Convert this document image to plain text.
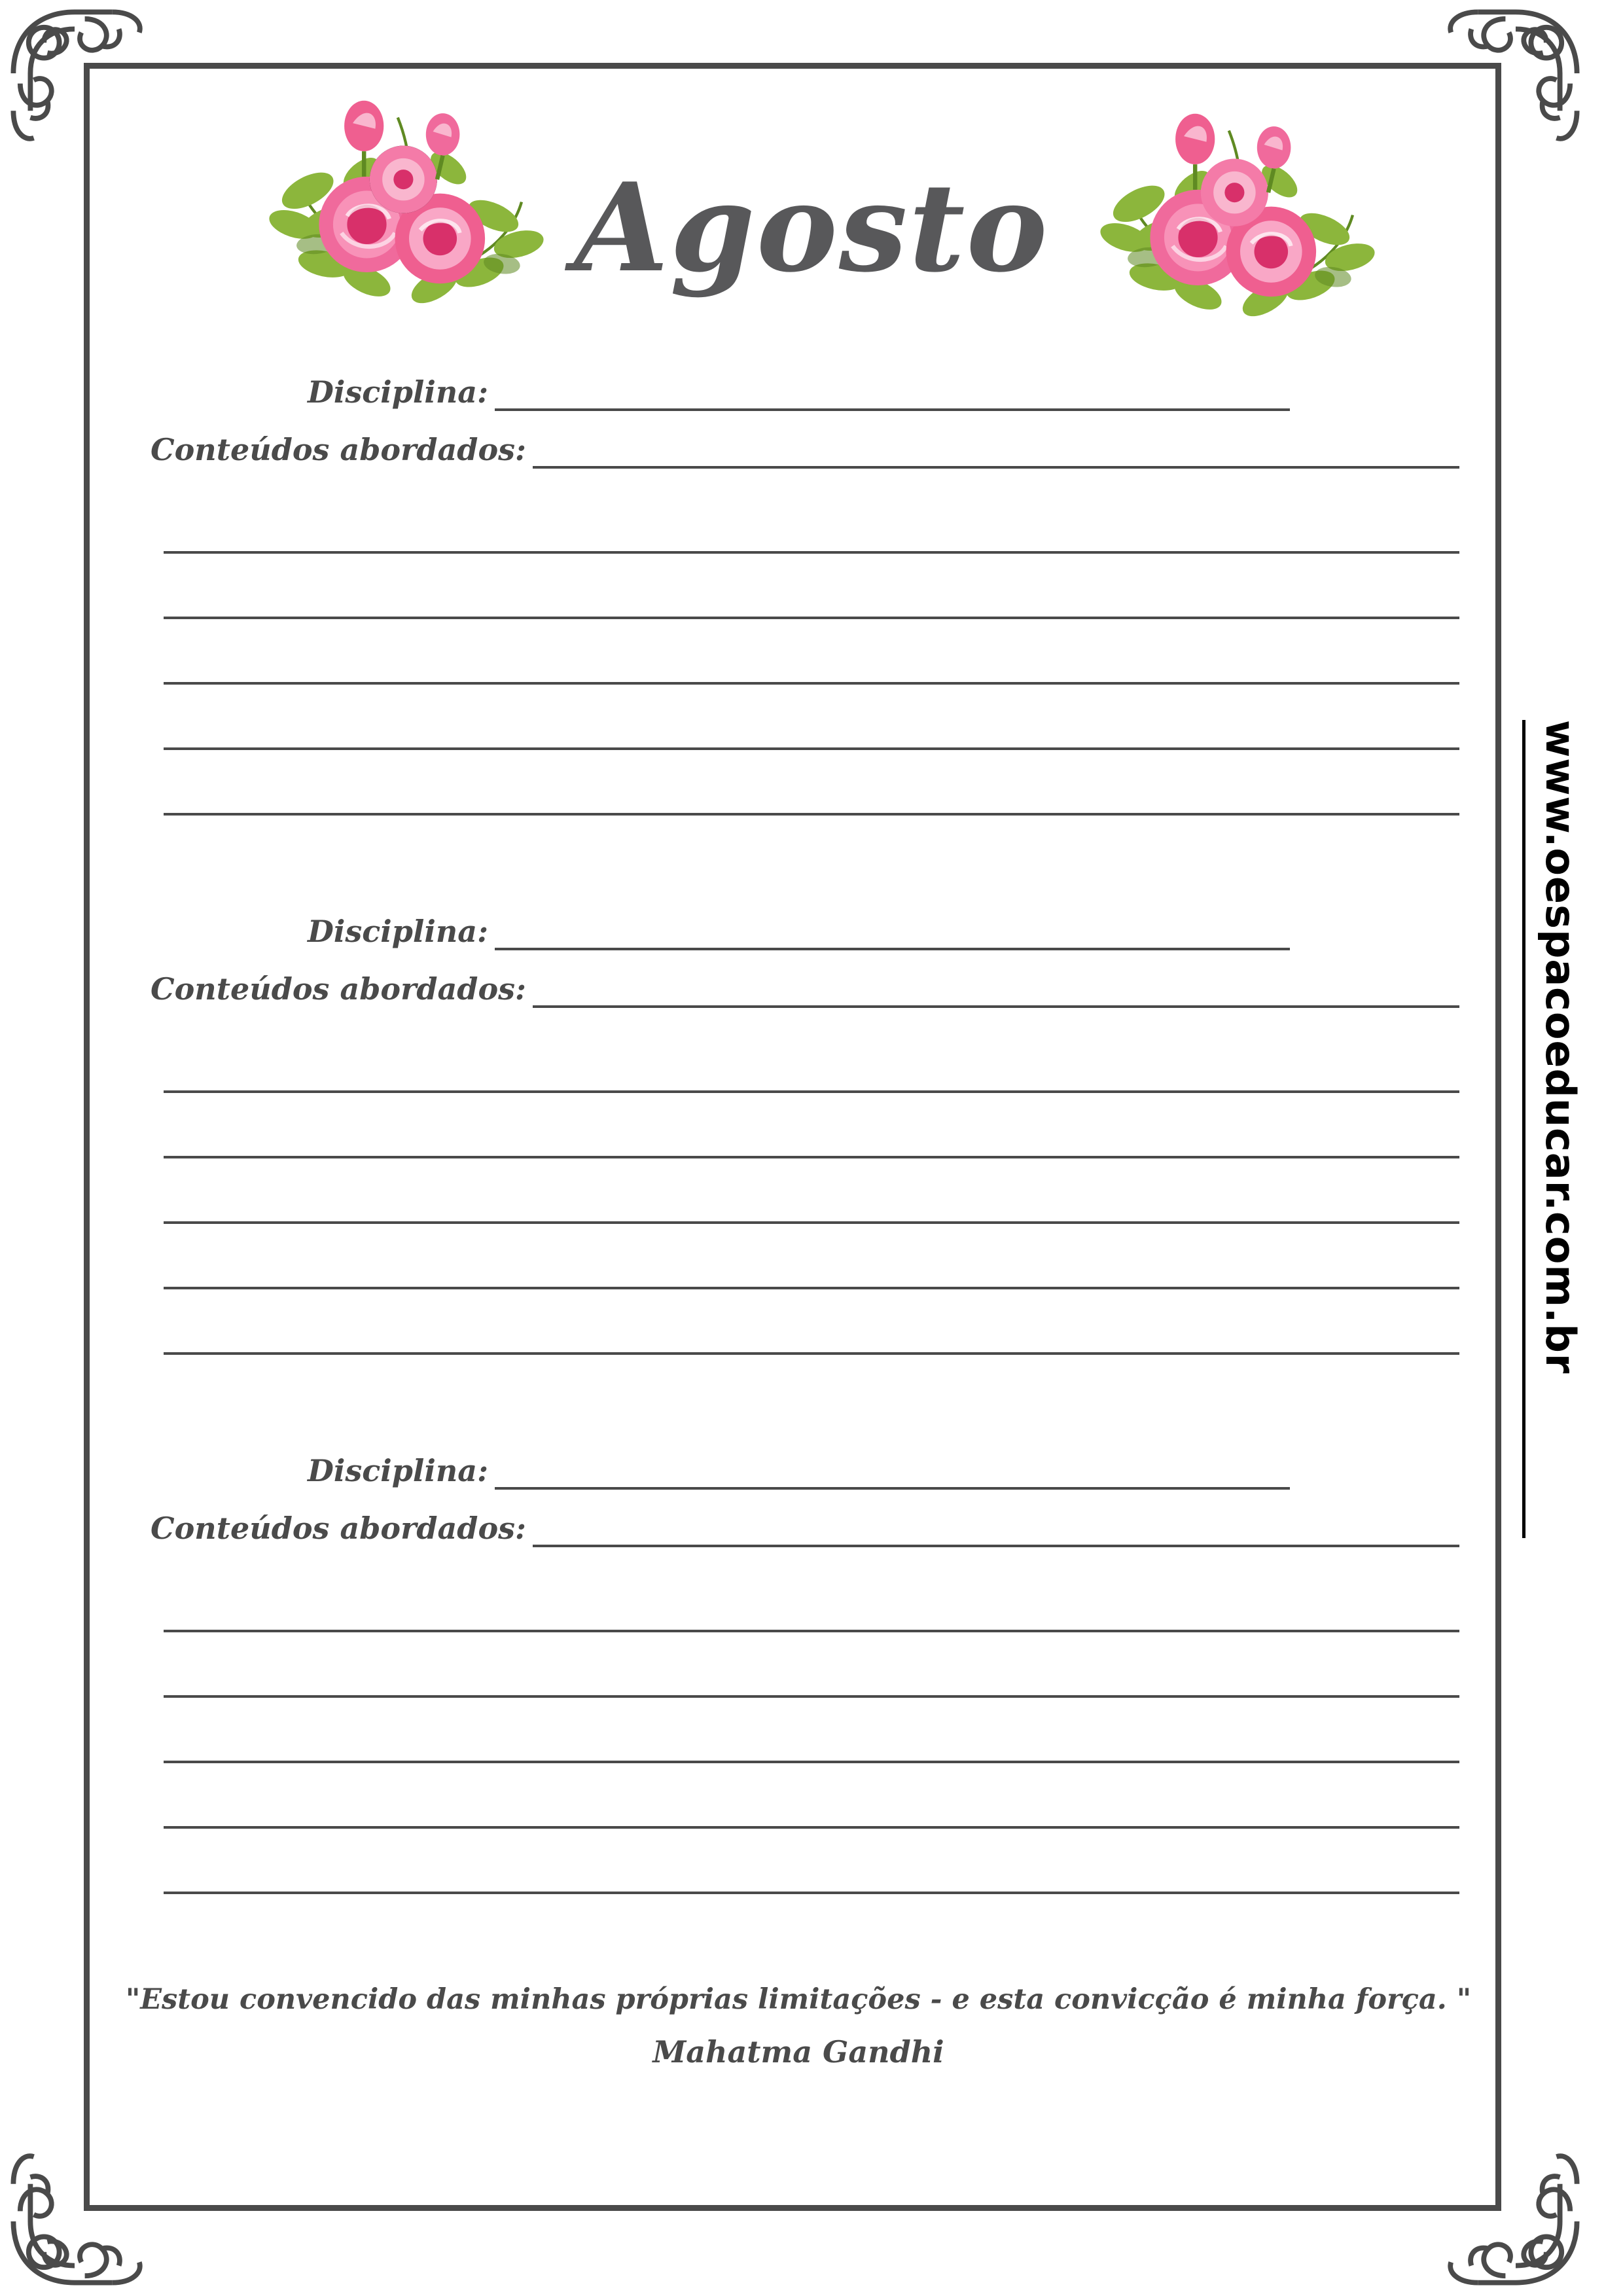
Agosto
Disciplina:
Conteúdos abordados:
Disciplina:
Conteúdos abordados:
Disciplina:
Conteúdos abordados:
"Estou convencido das minhas próprias limitações - e esta convicção é minha força. "
Mahatma Gandhi
www.oespacoeducar.com.br
